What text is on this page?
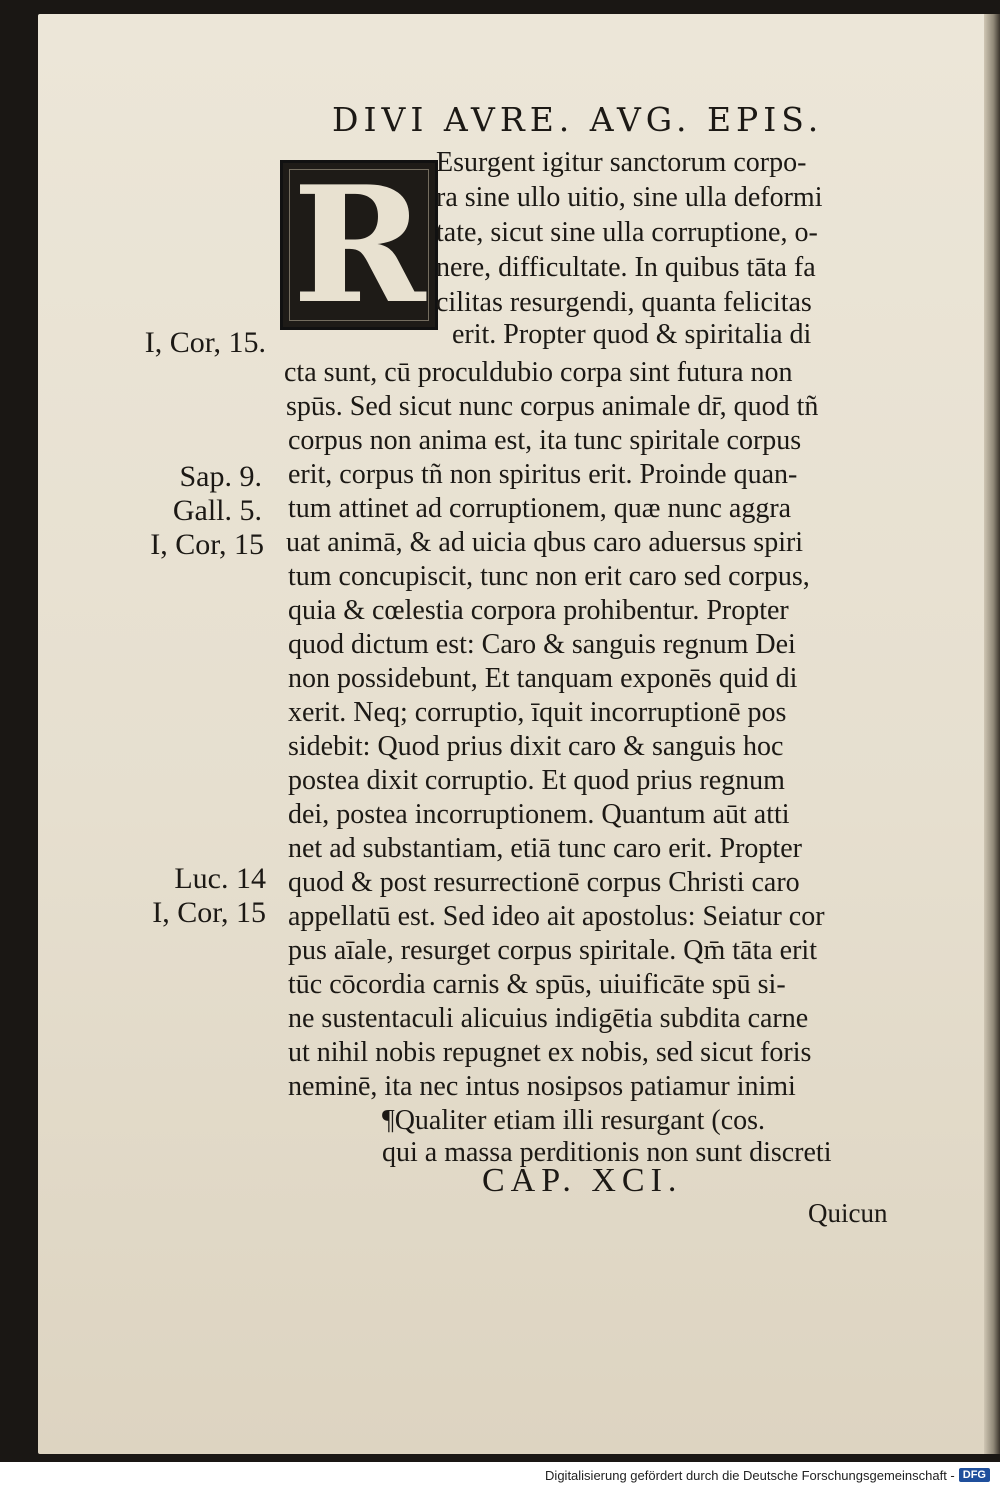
DIVI AVRE. AVG. EPIS.
R Esurgent igitur sanctorum corpo-
ra sine ullo uitio, sine ulla deformi
tate, sicut sine ulla corruptione, o-
nere, difficultate. In quibus tāta fa
cilitas resurgendi, quanta felicitas
erit. Propter quod & spiritalia di
cta sunt, cū proculdubio corpa sint futura non
spūs. Sed sicut nunc corpus animale dr̄, quod tñ
corpus non anima est, ita tunc spiritale corpus
erit, corpus tñ non spiritus erit. Proinde quan-
tum attinet ad corruptionem, quæ nunc aggra
uat animā, & ad uicia qbus caro aduersus spiri
tum concupiscit, tunc non erit caro sed corpus,
quia & cœlestia corpora prohibentur. Propter
quod dictum est: Caro & sanguis regnum Dei
non possidebunt, Et tanquam exponēs quid di
xerit. Neq; corruptio, īquit incorruptionē pos
sidebit: Quod prius dixit caro & sanguis hoc
postea dixit corruptio. Et quod prius regnum
dei, postea incorruptionem. Quantum aūt atti
net ad substantiam, etiā tunc caro erit. Propter
quod & post resurrectionē corpus Christi caro
appellatū est. Sed ideo ait apostolus: Seiatur cor
pus aīale, resurget corpus spiritale. Qm̄ tāta erit
tūc cōcordia carnis & spūs, uiuificāte spū si-
ne sustentaculi alicuius indigētia subdita carne
ut nihil nobis repugnet ex nobis, sed sicut foris
neminē, ita nec intus nosipsos patiamur inimi
¶Qualiter etiam illi resurgant (cos.
qui a massa perditionis non sunt discreti
I, Cor, 15.
Sap. 9.
Gall. 5.
I, Cor, 15
Luc. 14
I, Cor, 15
CAP. XCI.
Quicun
Digitalisierung gefördert durch die Deutsche Forschungsgemeinschaft - DFG
